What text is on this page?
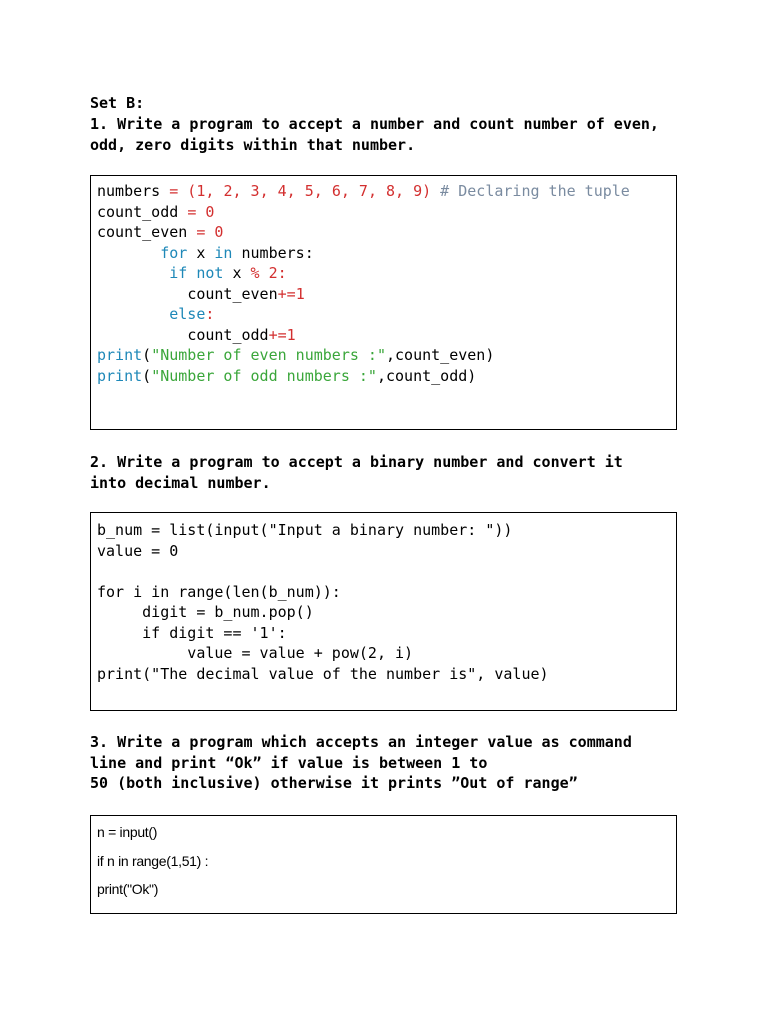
Set B:
1. Write a program to accept a number and count number of even,
odd, zero digits within that number.
numbers = (1, 2, 3, 4, 5, 6, 7, 8, 9) # Declaring the tuple
count_odd = 0
count_even = 0
for x in numbers:
if not x % 2:
count_even+=1
else:
count_odd+=1
print("Number of even numbers :",count_even)
print("Number of odd numbers :",count_odd)
2. Write a program to accept a binary number and convert it
into decimal number.
b_num = list(input("Input a binary number: "))
value = 0
for i in range(len(b_num)):
digit = b_num.pop()
if digit == '1':
value = value + pow(2, i)
print("The decimal value of the number is", value)
3. Write a program which accepts an integer value as command
line and print “Ok” if value is between 1 to
50 (both inclusive) otherwise it prints ”Out of range”
n = input()
if n in range(1,51) :
print("Ok")
